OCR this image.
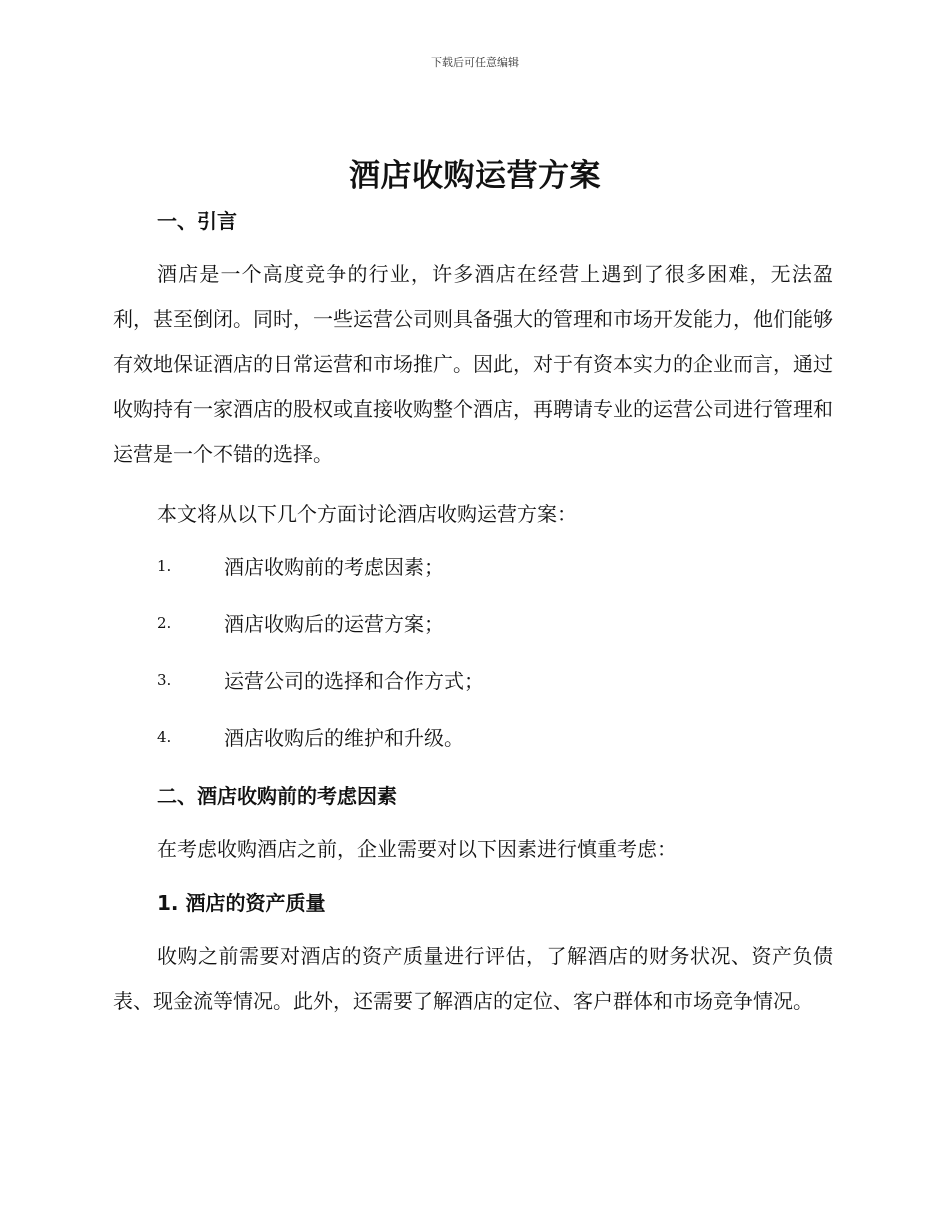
下载后可任意编辑
酒店收购运营方案
一、引言

酒店是一个高度竞争的行业，许多酒店在经营上遇到了很多困难，无法盈利，甚至倒闭。同时，一些运营公司则具备强大的管理和市场开发能力，他们能够有效地保证酒店的日常运营和市场推广。因此，对于有资本实力的企业而言，通过收购持有一家酒店的股权或直接收购整个酒店，再聘请专业的运营公司进行管理和运营是一个不错的选择。

本文将从以下几个方面讨论酒店收购运营方案：

1.	酒店收购前的考虑因素；
2.	酒店收购后的运营方案；
3.	运营公司的选择和合作方式；
4.	酒店收购后的维护和升级。
二、酒店收购前的考虑因素

在考虑收购酒店之前，企业需要对以下因素进行慎重考虑：

1. 酒店的资产质量

收购之前需要对酒店的资产质量进行评估，了解酒店的财务状况、资产负债表、现金流等情况。此外，还需要了解酒店的定位、客户群体和市场竞争情况。
